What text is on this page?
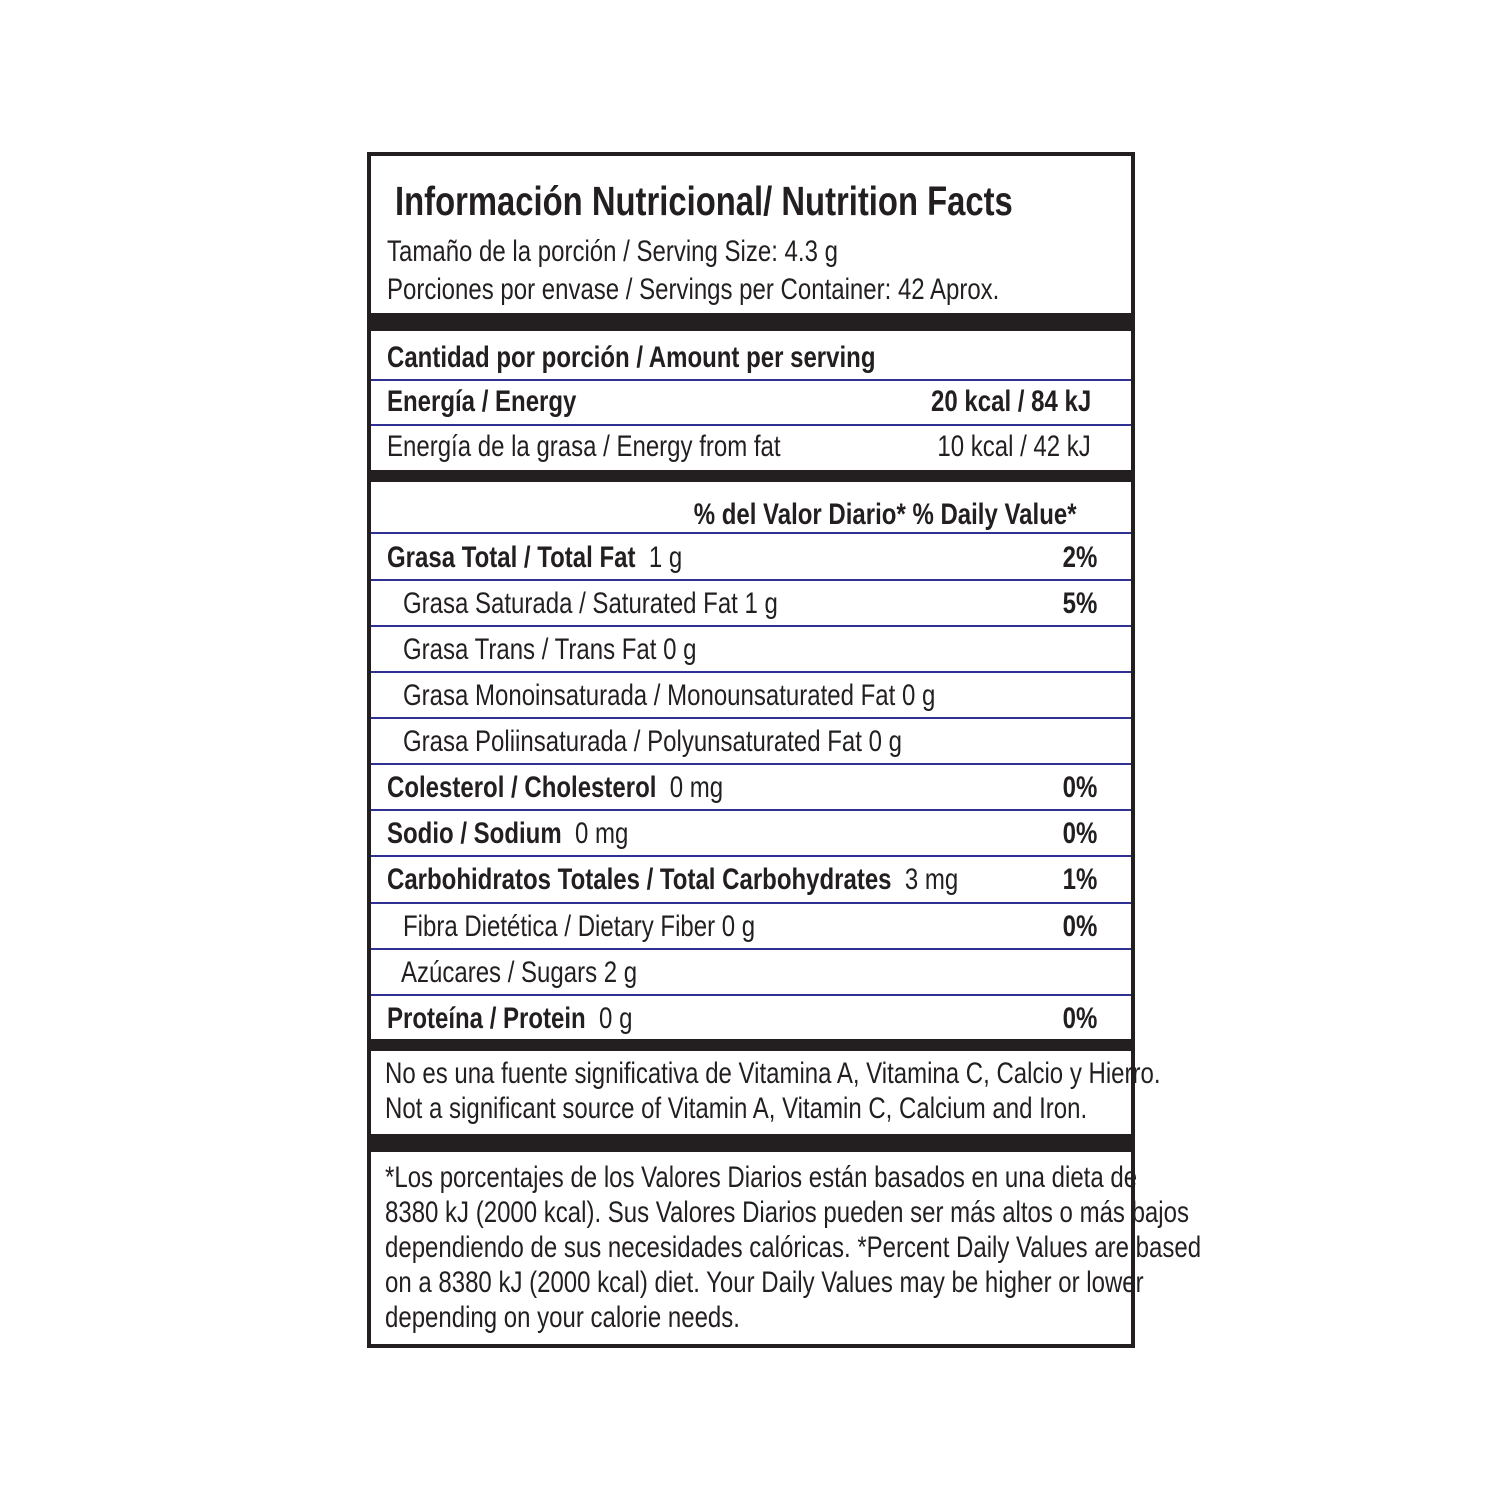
Información Nutricional/ Nutrition Facts
Tamaño de la porción / Serving Size: 4.3 g
Porciones por envase / Servings per Container: 42 Aprox.
Cantidad por porción / Amount per serving
Energía / Energy	20 kcal / 84 kJ
Energía de la grasa / Energy from fat	10 kcal / 42 kJ
% del Valor Diario* % Daily Value*
Grasa Total / Total Fat 1 g	2%
Grasa Saturada / Saturated Fat 1 g	5%
Grasa Trans / Trans Fat 0 g
Grasa Monoinsaturada / Monounsaturated Fat 0 g
Grasa Poliinsaturada / Polyunsaturated Fat 0 g
Colesterol / Cholesterol 0 mg	0%
Sodio / Sodium 0 mg	0%
Carbohidratos Totales / Total Carbohydrates 3 mg	1%
Fibra Dietética / Dietary Fiber 0 g	0%
Azúcares / Sugars 2 g
Proteína / Protein 0 g	0%
No es una fuente significativa de Vitamina A, Vitamina C, Calcio y Hierro.
Not a significant source of Vitamin A, Vitamin C, Calcium and Iron.
*Los porcentajes de los Valores Diarios están basados en una dieta de
8380 kJ (2000 kcal). Sus Valores Diarios pueden ser más altos o más bajos
dependiendo de sus necesidades calóricas. *Percent Daily Values are based
on a 8380 kJ (2000 kcal) diet. Your Daily Values may be higher or lower
depending on your calorie needs.
